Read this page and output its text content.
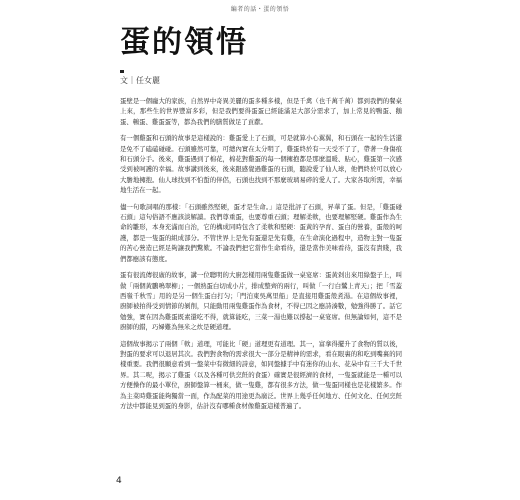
編者的話・蛋的領悟
蛋的領悟
文｜任女麗

蛋壁是一個龐大的家族，自然界中奇異美麗的蛋多種多樣，但是千禽（也千萬千萬）都到我們的餐桌上來，那些生的世界豐富多彩，但是我們要得蛋蛋已經能滿足大部分需求了，加上常見的鴨蛋、鵝蛋、鵪蛋、雞蛋蛋等，都為我們的膳質做足了貢獻。

有一個雞蛋和石頭的故事是這樣說的：雞蛋愛上了石頭，可是就算小心翼翼，和石頭在一起的生活還是免不了磕磕碰碰。石頭雖然可靠，可總內實在太分明了，雞蛋終於有一天受不了了，帶著一身傷痕和石頭分手。後來，雞蛋遇到了棉花，棉花對雞蛋的每一個擁抱都是那麼溫暖、貼心，雞蛋第一次感受到被呵護的幸福。故事講到後來，後來跟感覺過雞蛋的石頭，聽說愛了仙人球，他們終於可以放心大膽地擁抱。仙人球找到不怕蜇的伴侶，石頭也找到不那麼玻璃易碎的愛人了。大家各取所需，幸福地生活在一起。

儘一句歌詞唱的那樣：「石頭雖然堅硬，蛋才是生命。」這是批評了石頭，昇華了蛋。但是，「雞蛋碰石頭」這句俗語不應該淡解讀。我們尊重蛋，也要尊重石頭；理解柔軟，也要理解堅硬。雞蛋作為生命的雛形，本身充滿而自治，它的構成同時包含了柔軟和堅硬：蛋黃的孕育、蛋白的營養，蛋殼的呵護，都是一隻蛋的組成部分。不管世界上是先有蛋還是先有雞，在生命演化過程中，造物主對一隻蛋的苦心營造已經足夠讓我們驚歎。不論我們把它當作生命看待，還是當作美味看待，蛋沒有貴賤，我們都應該有態度。

蛋有很流傳很廣的故事，講一位聰明的大廚怎樣用兩隻雞蛋做一桌宴席：蛋黃剁出來用綠盤子上，叫做「兩個黃鸝鳴翠柳」；一個熟蛋白切成小片，排成整齊的兩行，叫做「一行白鷺上青天」；把「雪蓋西嶺千秋雪」用的是另一個生蛋白打匀；「門泊東吳萬里船」是直接用雞蛋殼煮湯。在這個故事裡，廚師被拍得受到情節的剝削，只能動用兩隻雞蛋作為食材，不得已因之應詩湊數，勉強得勝了。話它勉強，實在因為雞蛋既素還吃不得，就算能吃，三菜一湯也難以撐起一桌宴席。但無論如何，這不是廚師的錯，巧婦難為無米之炊是硬道理。

這個故事揭示了兩個「軟」道理，可能比「硬」道理更有道理。其一，富拿得擺升了食物的質以後，對蛋的要求可以退居其次。我們對食物的需求很大一部分是精神的需求，看在眼裏的和吃到嘴裏的同樣重要。我們很願意看到一盤菜中有微細的詩意，如同盤據手中有迷你的山水、花朵中有三千大千世界。其二呢，揭示了雞蛋（以及各種可供烹飪的食蛋）確實是很經濟的食材，一隻蛋就能是一種可以方便操作的最小單位，廚師盤算一桶來，做一隻雞，都有很多方法，做一隻蛋同樣也是花樣繁多。作為主菜時雞蛋能夠獨當一面，作為配菜的用途更為廣泛。世界上幾乎任何地方、任何文化、任何烹飪方法中都能見到蛋的身影，估計沒有哪種食材像雞蛋這樣普遍了。

4
